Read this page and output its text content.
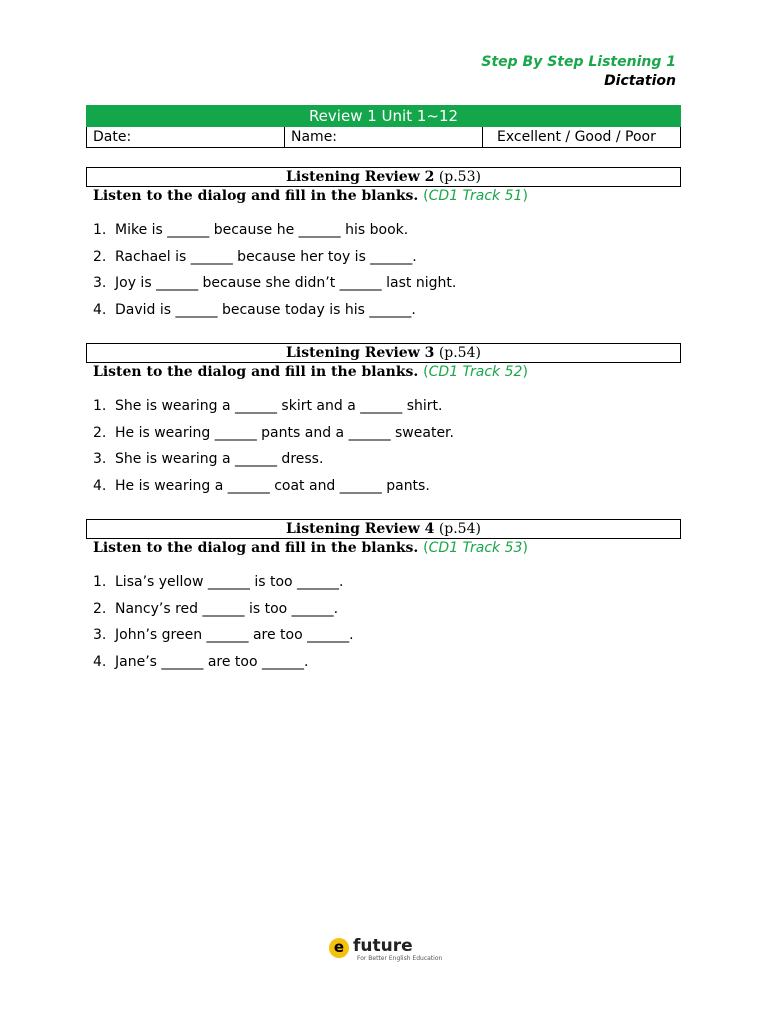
Step By Step Listening 1
Dictation
Review 1 Unit 1~12
Date:	Name:	Excellent / Good / Poor
Listening Review 2 (p.53)
Listen to the dialog and fill in the blanks. (CD1 Track 51)
1. Mike is ______ because he ______ his book.
2. Rachael is ______ because her toy is ______.
3. Joy is ______ because she didn’t ______ last night.
4. David is ______ because today is his ______.
Listening Review 3 (p.54)
Listen to the dialog and fill in the blanks. (CD1 Track 52)
1. She is wearing a ______ skirt and a ______ shirt.
2. He is wearing ______ pants and a ______ sweater.
3. She is wearing a ______ dress.
4. He is wearing a ______ coat and ______ pants.
Listening Review 4 (p.54)
Listen to the dialog and fill in the blanks. (CD1 Track 53)
1. Lisa’s yellow ______ is too ______.
2. Nancy’s red ______ is too ______.
3. John’s green ______ are too ______.
4. Jane’s ______ are too ______.
e future
For Better English Education
